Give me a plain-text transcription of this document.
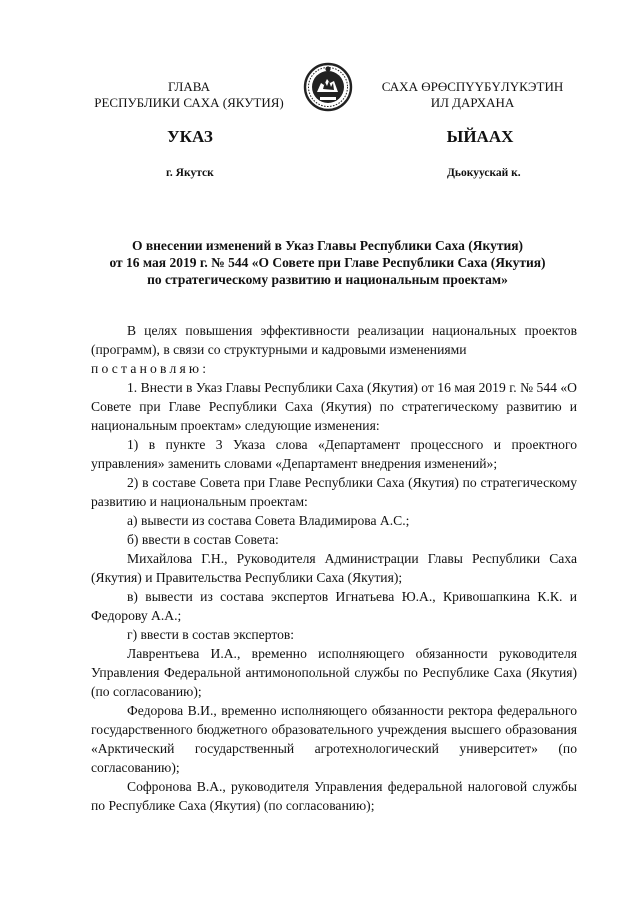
ГЛАВА
РЕСПУБЛИКИ САХА (ЯКУТИЯ)
САХА ӨРӨСПҮҮБҮЛҮКЭТИН
ИЛ ДАРХАНА
УКАЗ	ЫЙААХ
г. Якутск	Дьокуускай к.
О внесении изменений в Указ Главы Республики Саха (Якутия)
от 16 мая 2019 г. № 544 «О Совете при Главе Республики Саха (Якутия)
по стратегическому развитию и национальным проектам»

В целях повышения эффективности реализации национальных проектов (программ), в связи со структурными и кадровыми изменениями

постановляю:

1. Внести в Указ Главы Республики Саха (Якутия) от 16 мая 2019 г. № 544 «О Совете при Главе Республики Саха (Якутия) по стратегическому развитию и национальным проектам» следующие изменения:

1) в пункте 3 Указа слова «Департамент процессного и проектного управления» заменить словами «Департамент внедрения изменений»;

2) в составе Совета при Главе Республики Саха (Якутия) по стратегическому развитию и национальным проектам:

а) вывести из состава Совета Владимирова А.С.;

б) ввести в состав Совета:

Михайлова Г.Н., Руководителя Администрации Главы Республики Саха (Якутия) и Правительства Республики Саха (Якутия);

в) вывести из состава экспертов Игнатьева Ю.А., Кривошапкина К.К. и Федорову А.А.;

г) ввести в состав экспертов:

Лаврентьева И.А., временно исполняющего обязанности руководителя Управления Федеральной антимонопольной службы по Республике Саха (Якутия) (по согласованию);

Федорова В.И., временно исполняющего обязанности ректора федерального государственного бюджетного образовательного учреждения высшего образования «Арктический государственный агротехнологический университет» (по согласованию);

Софронова В.А., руководителя Управления федеральной налоговой службы по Республике Саха (Якутия) (по согласованию);
